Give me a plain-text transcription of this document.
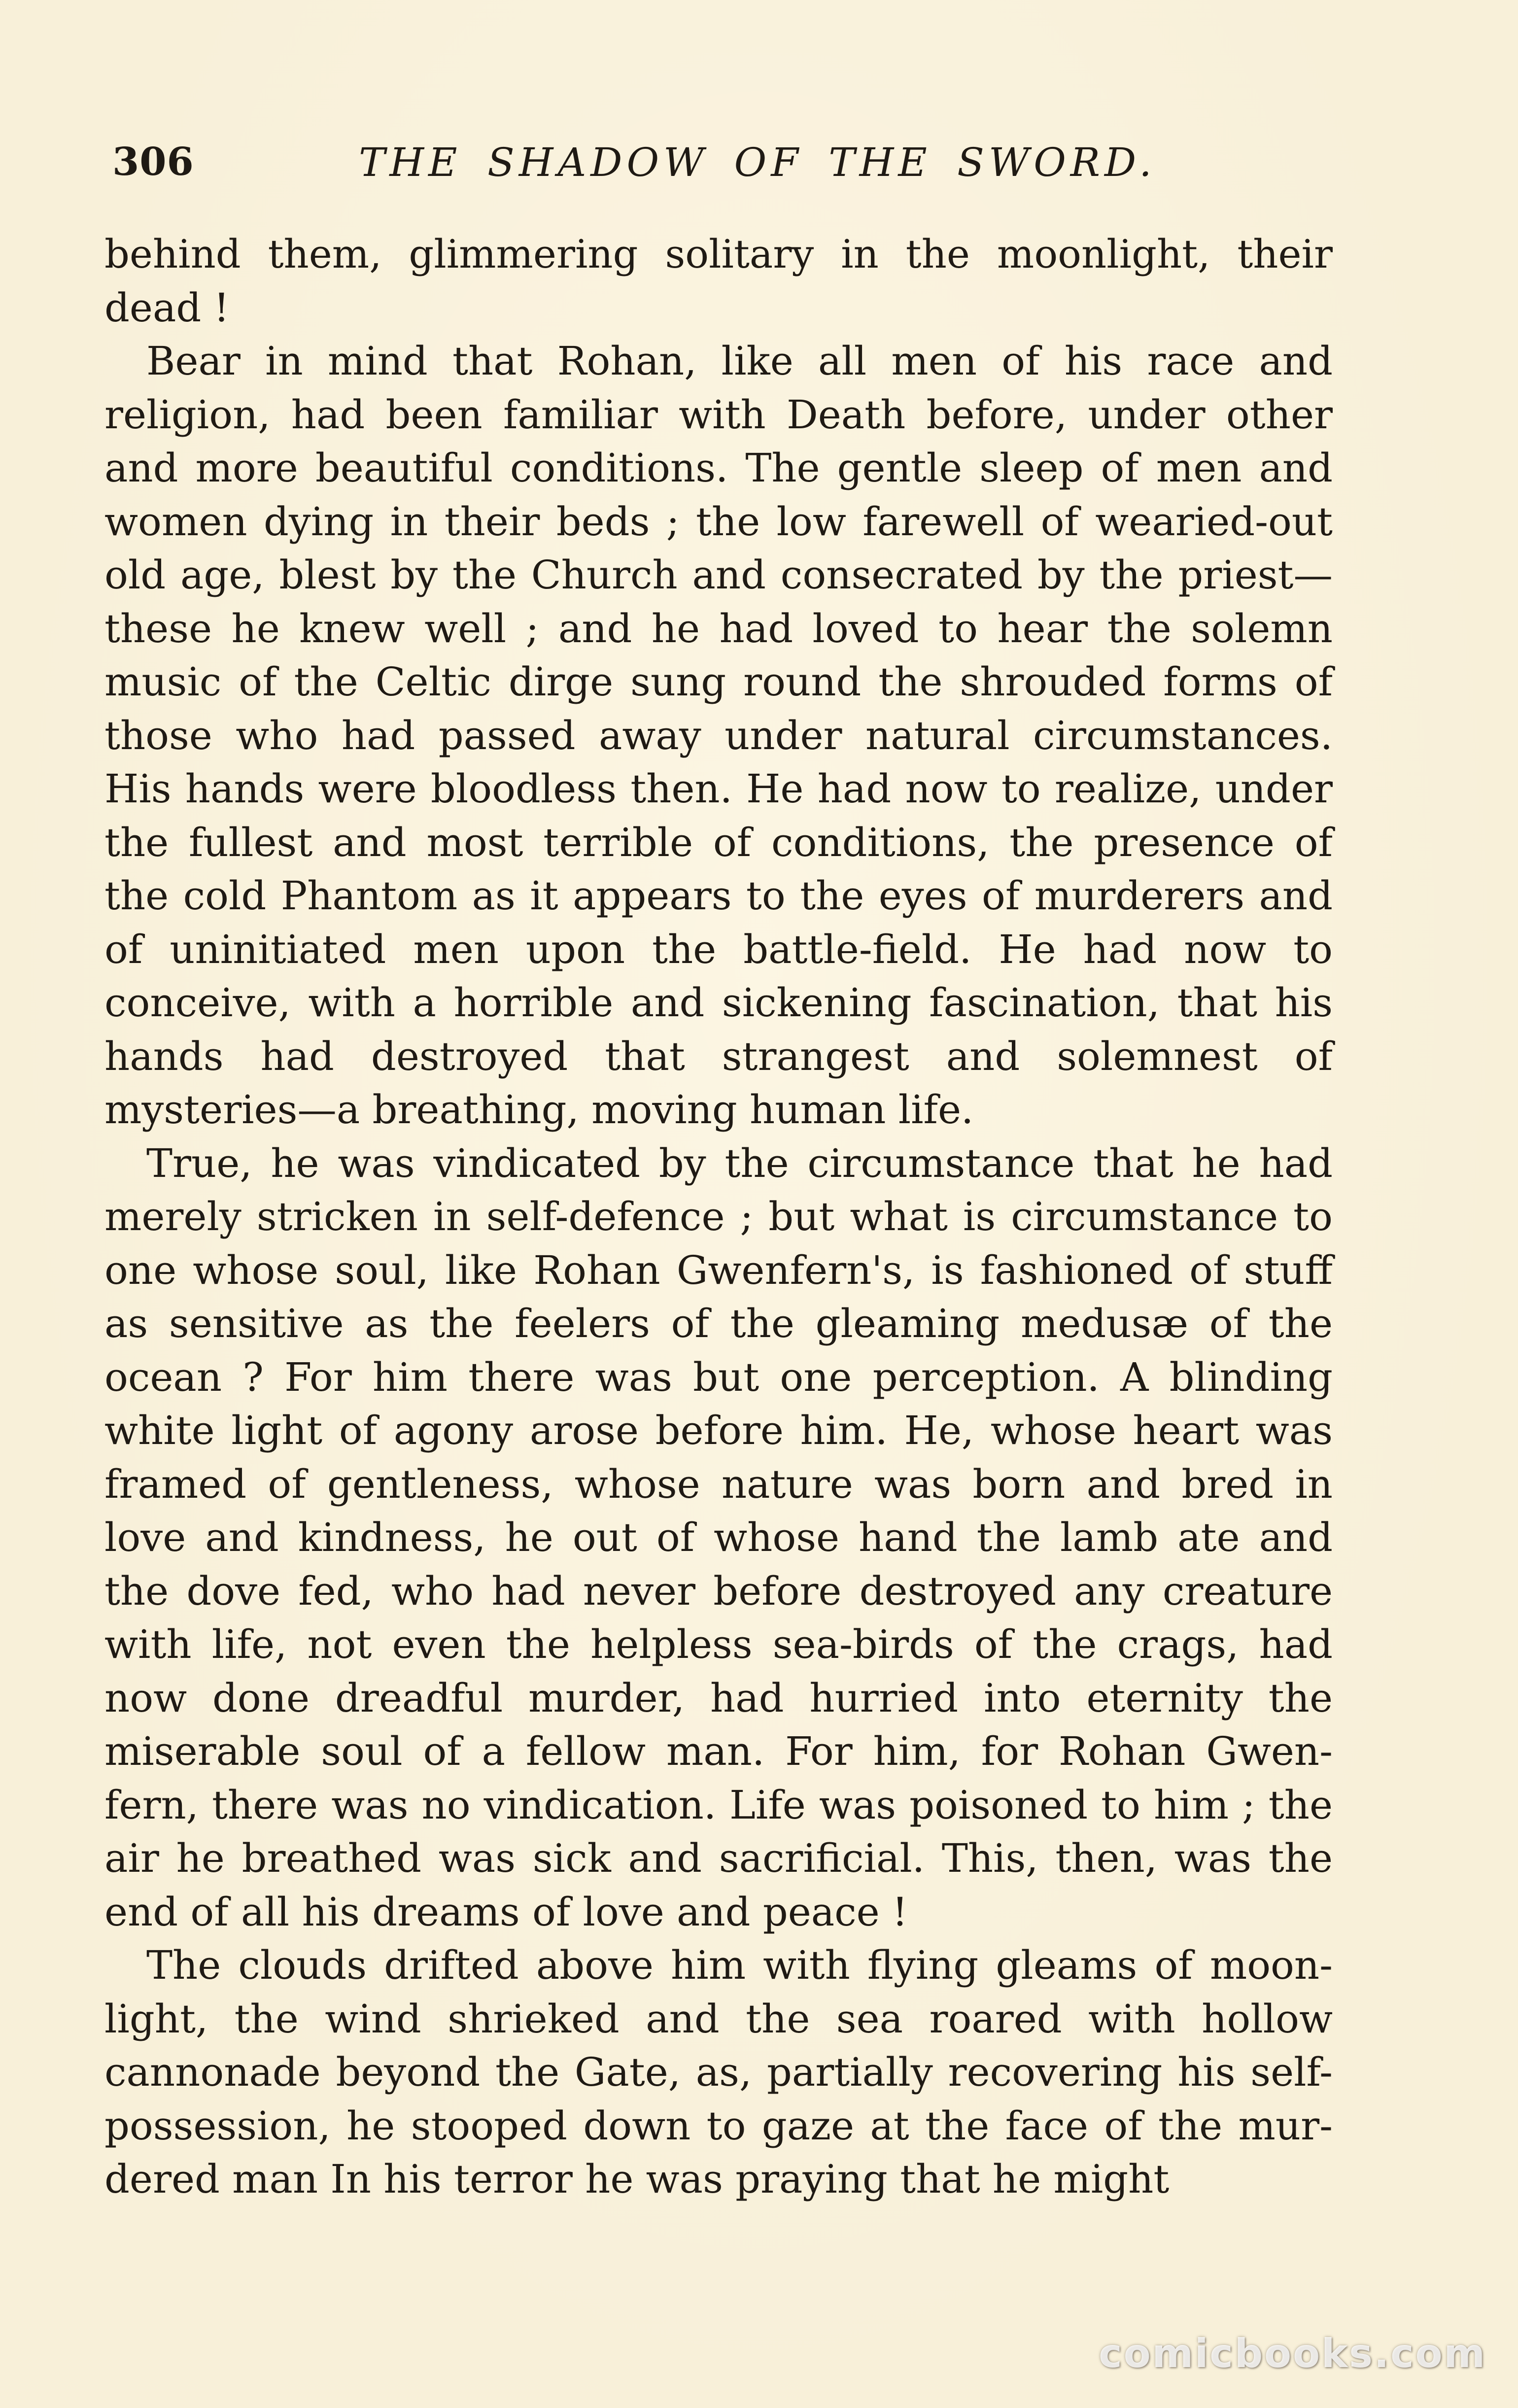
306	THE SHADOW OF THE SWORD.

behind them, glimmering solitary in the moonlight, their dead !

Bear in mind that Rohan, like all men of his race and religion, had been familiar with Death before, under other and more beautiful conditions. The gentle sleep of men and women dying in their beds ; the low farewell of wearied-out old age, blest by the Church and consecrated by the priest—these he knew well ; and he had loved to hear the solemn music of the Celtic dirge sung round the shrouded forms of those who had passed away under natural circumstances. His hands were bloodless then. He had now to realize, under the fullest and most terrible of conditions, the presence of the cold Phantom as it appears to the eyes of murderers and of uninitiated men upon the battle-field. He had now to conceive, with a horrible and sickening fascination, that his hands had destroyed that strangest and solemnest of mysteries—a breathing, moving human life.

True, he was vindicated by the circumstance that he had merely stricken in self-defence ; but what is circumstance to one whose soul, like Rohan Gwenfern's, is fashioned of stuff as sensitive as the feelers of the gleaming medusæ of the ocean ? For him there was but one perception. A blinding white light of agony arose before him. He, whose heart was framed of gentleness, whose nature was born and bred in love and kindness, he out of whose hand the lamb ate and the dove fed, who had never before destroyed any creature with life, not even the helpless sea-birds of the crags, had now done dreadful murder, had hurried into eternity the miserable soul of a fellow man. For him, for Rohan Gwen-fern, there was no vindication. Life was poisoned to him ; the air he breathed was sick and sacrificial. This, then, was the end of all his dreams of love and peace !

The clouds drifted above him with flying gleams of moon-light, the wind shrieked and the sea roared with hollow cannonade beyond the Gate, as, partially recovering his self-possession, he stooped down to gaze at the face of the mur-dered man In his terror he was praying that he might

comicbooks.com
